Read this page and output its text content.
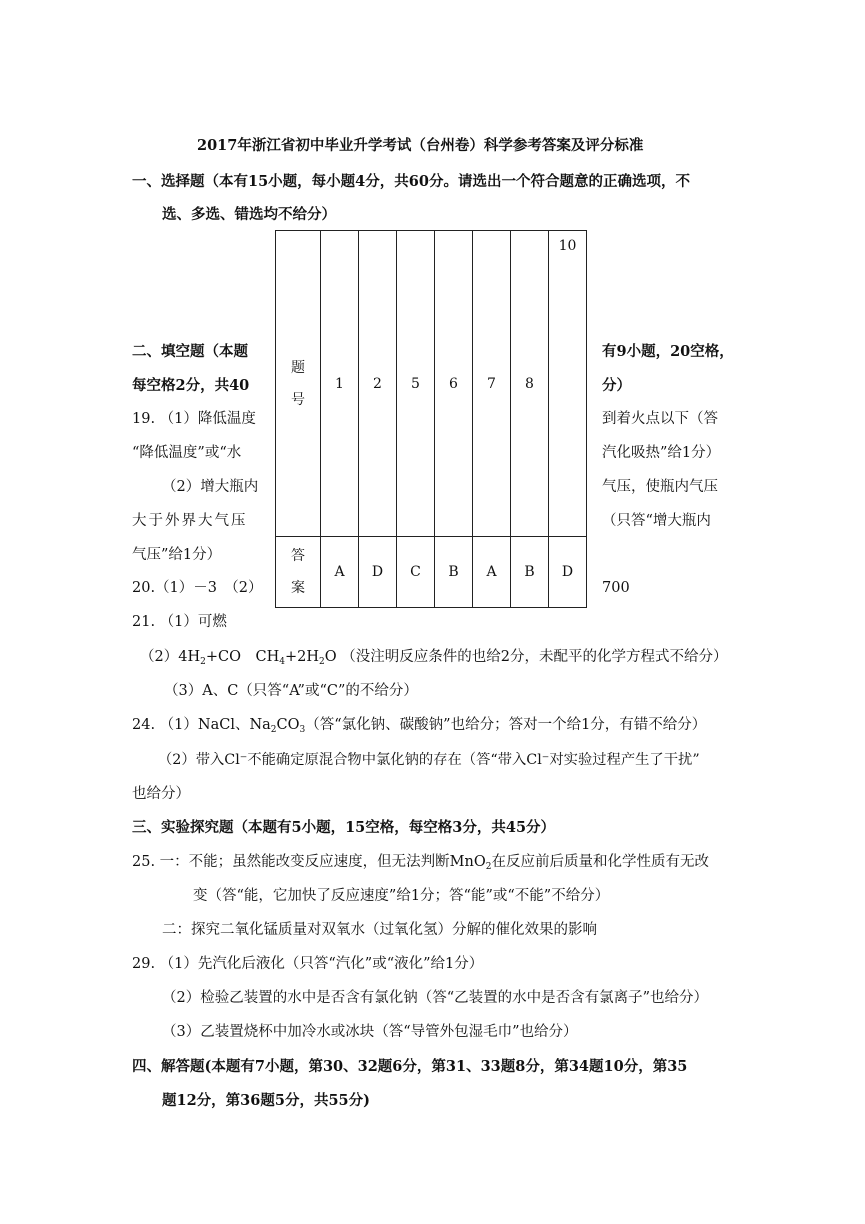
2017年浙江省初中毕业升学考试（台州卷）科学参考答案及评分标准
一、选择题（本有15小题，每小题4分，共60分。请选出一个符合题意的正确选项，不
选、多选、错选均不给分）
二、填空题（本题	有9小题，20空格，
每空格2分，共40	分）
19. （1）降低温度	到着火点以下（答
“降低温度”或“水	汽化吸热”给1分）
（2）增大瓶内	气压，使瓶内气压
大于外界大气压	（只答“增大瓶内
气压”给1分）
20.（1）－3　（2）	700
题号	1	2	5	6	7	8	10

答案	A	D	C	B	A	B	D
21. （1）可燃
$(2)4H_2+CO$　$CH_4+2H_2O$ （没注明反应条件的也给2分，未配平的化学方程式不给分）
（3）A、C（只答“A”或“C”的不给分）
24. （1）NaCl、$Na_2CO_3$（答“氯化钠、碳酸钠”也给分；答对一个给1分，有错不给分）
（2）带入Cl⁻不能确定原混合物中氯化钠的存在（答“带入Cl⁻对实验过程产生了干扰”
也给分）
三、实验探究题（本题有5小题，15空格，每空格3分，共45分）
25. 一：不能；虽然能改变反应速度，但无法判断MnO$_2$在反应前后质量和化学性质有无改
变（答“能，它加快了反应速度”给1分；答“能”或“不能”不给分）
二：探究二氧化锰质量对双氧水（过氧化氢）分解的催化效果的影响
29. （1）先汽化后液化（只答“汽化”或“液化”给1分）
（2）检验乙装置的水中是否含有氯化钠（答“乙装置的水中是否含有氯离子”也给分）
（3）乙装置烧杯中加冷水或冰块（答“导管外包湿毛巾”也给分）
四、解答题(本题有7小题，第30、32题6分，第31、33题8分，第34题10分，第35
题12分，第36题5分，共55分)
